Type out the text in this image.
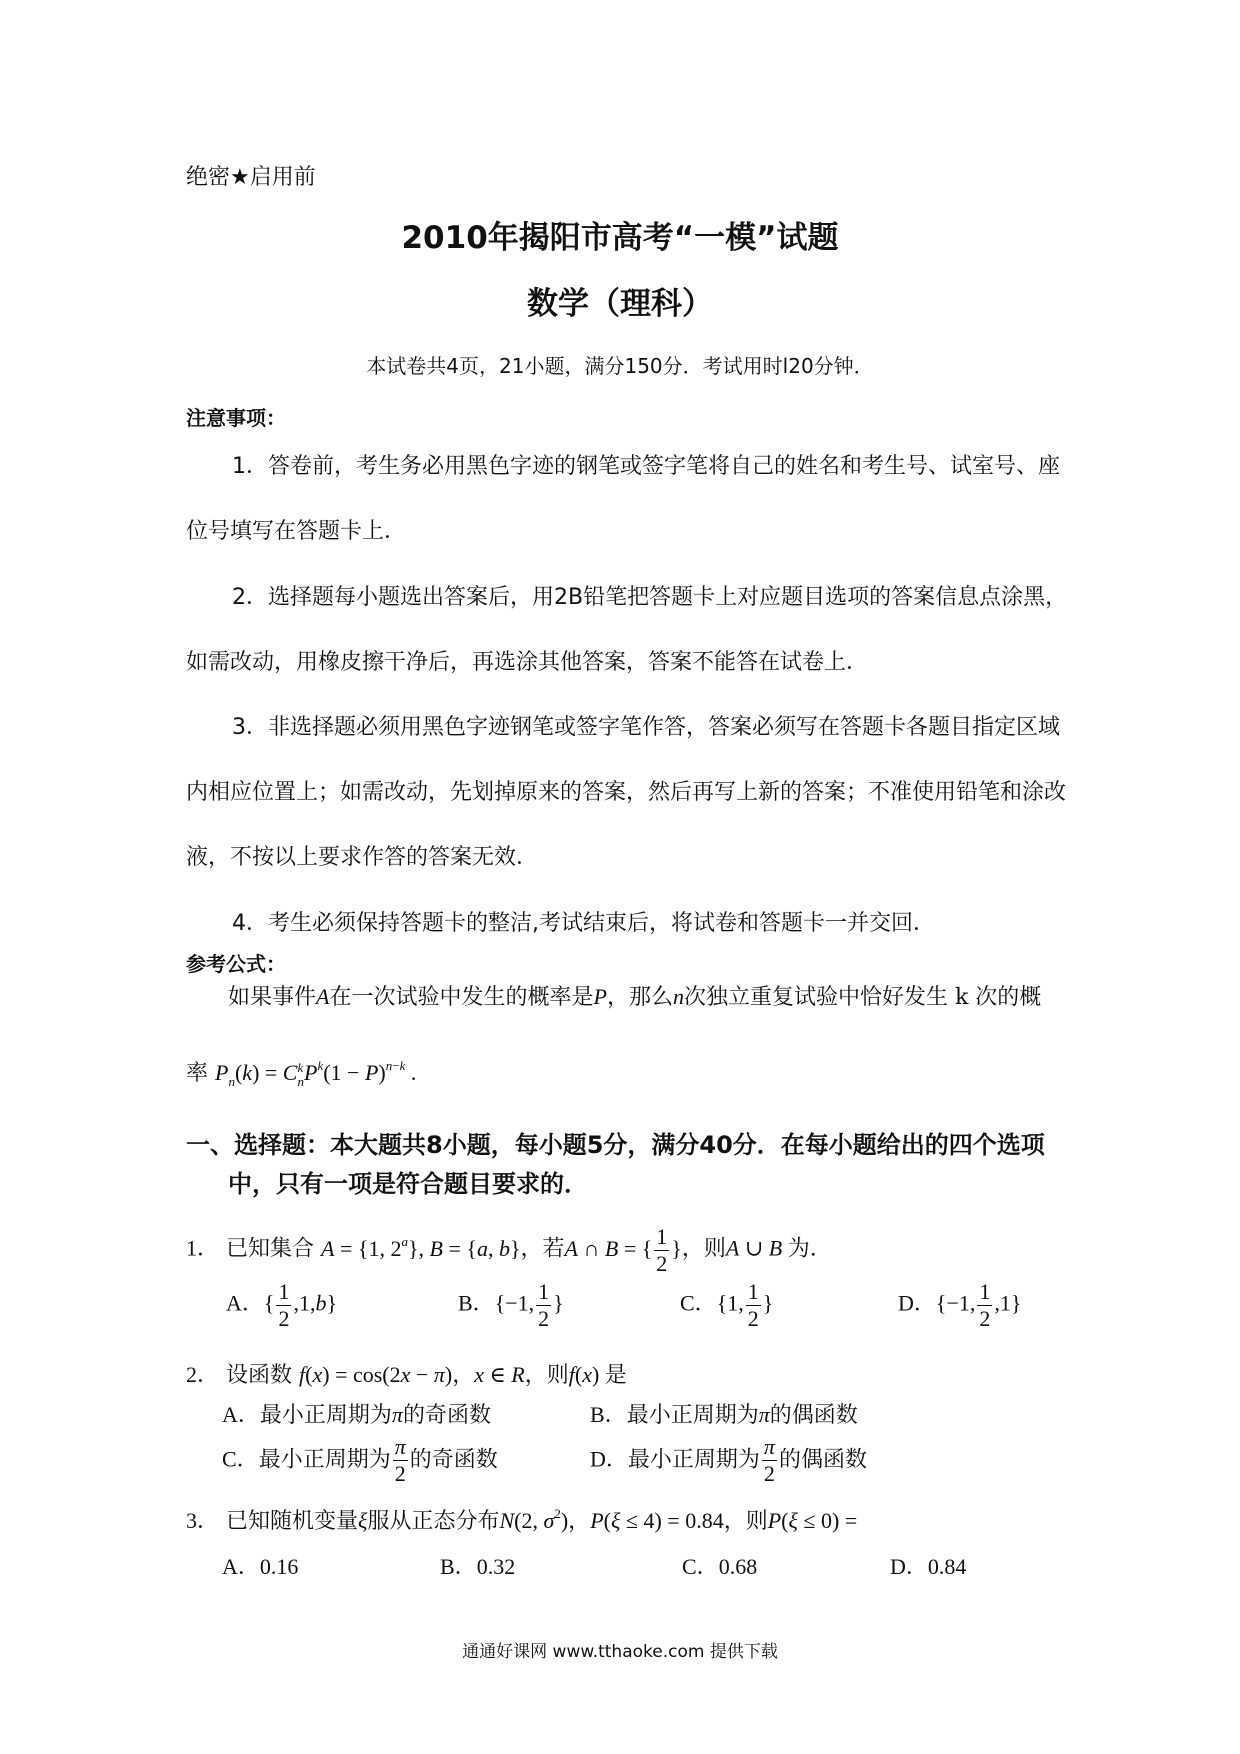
绝密★启用前
2010年揭阳市高考“一模”试题
数学（理科）
本试卷共4页，21小题，满分150分．考试用时l20分钟．
注意事项：
1．答卷前，考生务必用黑色字迹的钢笔或签字笔将自己的姓名和考生号、试室号、座
位号填写在答题卡上．
2．选择题每小题选出答案后，用2B铅笔把答题卡上对应题目选项的答案信息点涂黑，
如需改动，用橡皮擦干净后，再选涂其他答案，答案不能答在试卷上．
3．非选择题必须用黑色字迹钢笔或签字笔作答，答案必须写在答题卡各题目指定区域
内相应位置上；如需改动，先划掉原来的答案，然后再写上新的答案；不准使用铅笔和涂改
液，不按以上要求作答的答案无效．
4．考生必须保持答题卡的整洁,考试结束后，将试卷和答题卡一并交回．
参考公式：
如果事件A在一次试验中发生的概率是P，那么n次独立重复试验中恰好发生 k 次的概
率 $P_n(k) = Ck$
$nP^k(1 - P)^{n-k}$ .
一、选择题：本大题共8小题，每小题5分，满分40分．在每小题给出的四个选项
中，只有一项是符合题目要求的．
1． 已知集合 A = {1, 2$^a$}, B = {a, b}，若A ∩ B = { $\frac{1}{2}$ }，则A ∪ B 为.
A．{ $\frac{1}{2} ,1,b$}	B．{−1, $\frac{1}{2}$ }	C．{1, $\frac{1}{2}$ }	D．{−1, $\frac{1}{2} ,1$}
2． 设函数 f(x) = cos(2x − π)，x ∈ R，则f(x) 是
A．最小正周期为π的奇函数	B．最小正周期为π的偶函数
C．最小正周期为 $\frac{\pi}{2}$ 的奇函数	D．最小正周期为 $\frac{\pi}{2}$ 的偶函数
3． 已知随机变量ξ服从正态分布N(2, $\sigma^2$)，P(ξ ≤ 4) = 0.84，则P(ξ ≤ 0) =
A．0.16	B．0.32	C．0.68	D．0.84
通通好课网 www.tthaoke.com 提供下载
